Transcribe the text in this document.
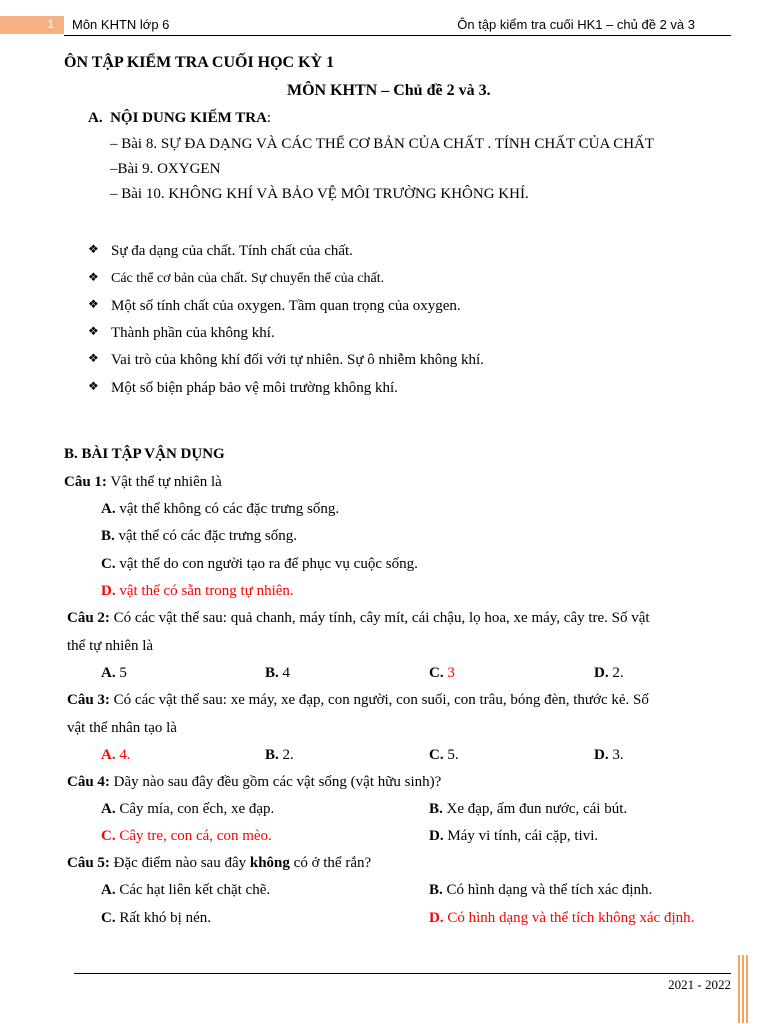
1 Môn KHTN lớp 6	Ôn tập kiểm tra cuối HK1 – chủ đề 2 và 3
ÔN TẬP KIỂM TRA CUỐI HỌC KỲ 1
MÔN KHTN – Chủ đề 2 và 3.
A. NỘI DUNG KIẾM TRA:
– Bài 8. SỰ ĐA DẠNG VÀ CÁC THỂ CƠ BẢN CỦA CHẤT . TÍNH CHẤT CỦA CHẤT
–Bài 9. OXYGEN
– Bài 10. KHÔNG KHÍ VÀ BẢO VỆ MÔI TRƯỜNG KHÔNG KHÍ.
❖ Sự đa dạng của chất. Tính chất của chất.
❖ Các thể cơ bản của chất. Sự chuyển thể của chất.
❖ Một số tính chất của oxygen. Tầm quan trọng của oxygen.
❖ Thành phần của không khí.
❖ Vai trò của không khí đối với tự nhiên. Sự ô nhiễm không khí.
❖ Một số biện pháp bảo vệ môi trường không khí.
B. BÀI TẬP VẬN DỤNG
Câu 1: Vật thể tự nhiên là
A. vật thể không có các đặc trưng sống.
B. vật thể có các đặc trưng sống.
C. vật thể do con người tạo ra để phục vụ cuộc sống.
D. vật thể có sẵn trong tự nhiên.
Câu 2: Có các vật thể sau: quả chanh, máy tính, cây mít, cái chậu, lọ hoa, xe máy, cây tre. Số vật
thể tự nhiên là
A. 5	B. 4	C. 3	D. 2.
Câu 3: Có các vật thể sau: xe máy, xe đạp, con người, con suối, con trâu, bóng đèn, thước kẻ. Số
vật thể nhân tạo là
A. 4.	B. 2.	C. 5.	D. 3.
Câu 4: Dãy nào sau đây đều gồm các vật sống (vật hữu sinh)?
A. Cây mía, con ếch, xe đạp.	B. Xe đạp, ấm đun nước, cái bút.
C. Cây tre, con cá, con mèo.	D. Máy vi tính, cái cặp, tivi.
Câu 5: Đặc điểm nào sau đây không có ở thể rắn?
A. Các hạt liên kết chặt chẽ.	B. Có hình dạng và thể tích xác định.
C. Rất khó bị nén.	D. Có hình dạng và thể tích không xác định.
2021 - 2022
